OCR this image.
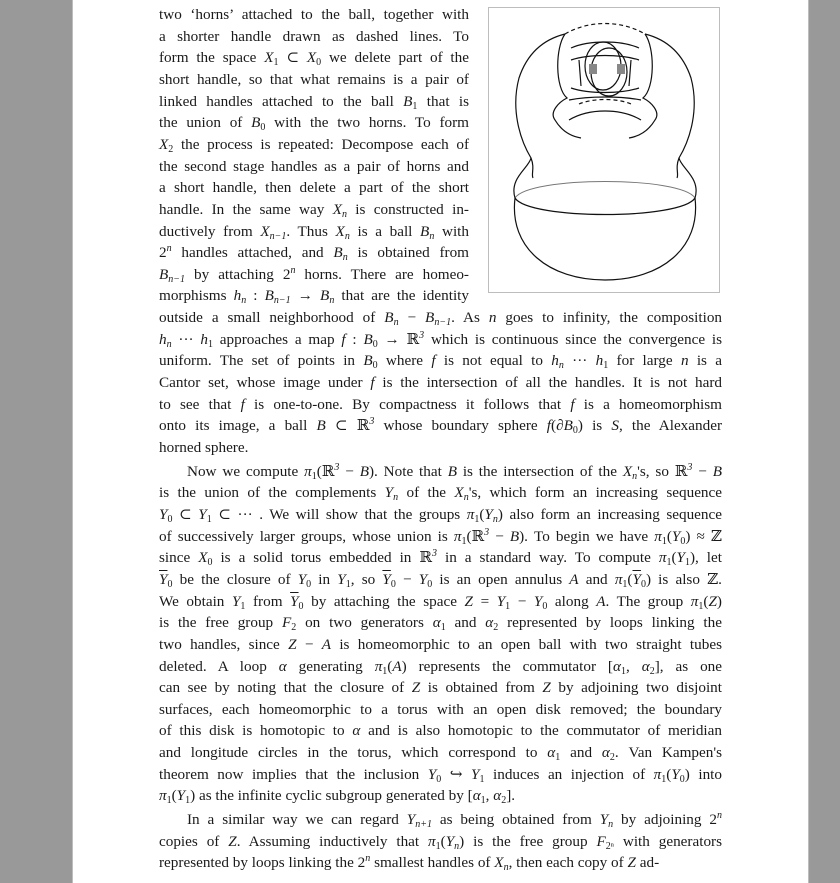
two ‘horns’ attached to the ball, together with
a shorter handle drawn as dashed lines. To
form the space $X_1$ ⊂ $X_0$ we delete part of the
short handle, so that what remains is a pair of
linked handles attached to the ball $B_1$ that is
the union of $B_0$ with the two horns. To form
$X_2$ the process is repeated: Decompose each of
the second stage handles as a pair of horns and
a short handle, then delete a part of the short
handle. In the same way $X_n$ is constructed in-
ductively from $X_{n-1}$. Thus $X_n$ is a ball $B_n$ with
2$^n$ handles attached, and $B_n$ is obtained from
$B_{n-1}$ by attaching 2$^n$ horns. There are homeo-
morphisms $h_n$ : $B_{n-1} \to B_n$ that are the identity
outside a small neighborhood of $B_n - B_{n-1}$. As n goes to infinity, the composition
$h_n$ ··· $h_1$ approaches a map f : $B_0$ → ℝ$^3$ which is continuous since the convergence is
uniform. The set of points in $B_0$ where f is not equal to $h_n$ ··· $h_1$ for large n is a
Cantor set, whose image under f is the intersection of all the handles. It is not hard
to see that f is one-to-one. By compactness it follows that f is a homeomorphism
onto its image, a ball B ⊂ ℝ$^3$ whose boundary sphere $f(\partial B_0)$ is S, the Alexander
horned sphere.
Now we compute $\pi_1(ℝ^3 - B)$. Note that B is the intersection of the $X_n's$, so ℝ$^3$ − B
is the union of the complements $Y_n$ of the $X_n's$, which form an increasing sequence
$Y_0$ ⊂ $Y_1$ ⊂ ··· . We will show that the groups $\pi_1(Y_n)$ also form an increasing sequence
of successively larger groups, whose union is $\pi_1(ℝ^3 - B)$. To begin we have $\pi_1(Y_0)$ ≈ ℤ
since $X_0$ is a solid torus embedded in ℝ$^3$ in a standard way. To compute $\pi_1(Y_1)$, let
$\overline{Y}_0$ be the closure of $Y_0$ in $Y_1$, so $\overline{Y}_0 - Y_0$ is an open annulus A and $\pi_1(\overline{Y}_0)$ is also ℤ.
We obtain $Y_1$ from $\overline{Y}_0$ by attaching the space $Z = Y_1 - Y_0$ along A. The group $\pi_1(Z)$
is the free group $F_2$ on two generators $\alpha_1$ and $\alpha_2$ represented by loops linking the
two handles, since Z − A is homeomorphic to an open ball with two straight tubes
deleted. A loop α generating $\pi_1(A)$ represents the commutator [$\alpha_1$, $\alpha_2$], as one
can see by noting that the closure of Z is obtained from Z by adjoining two disjoint
surfaces, each homeomorphic to a torus with an open disk removed; the boundary
of this disk is homotopic to α and is also homotopic to the commutator of meridian
and longitude circles in the torus, which correspond to $\alpha_1$ and $\alpha_2$. Van Kampen's
theorem now implies that the inclusion $Y_0$ ↪ $Y_1$ induces an injection of $\pi_1(Y_0)$ into
$\pi_1(Y_1)$ as the infinite cyclic subgroup generated by [$\alpha_1$, $\alpha_2$].
In a similar way we can regard $Y_{n+1}$ as being obtained from $Y_n$ by adjoining 2$^n$
copies of Z. Assuming inductively that $\pi_1(Y_n)$ is the free group $F_{2^n}$ with generators
represented by loops linking the 2$^n$ smallest handles of $X_n$, then each copy of Z ad-
